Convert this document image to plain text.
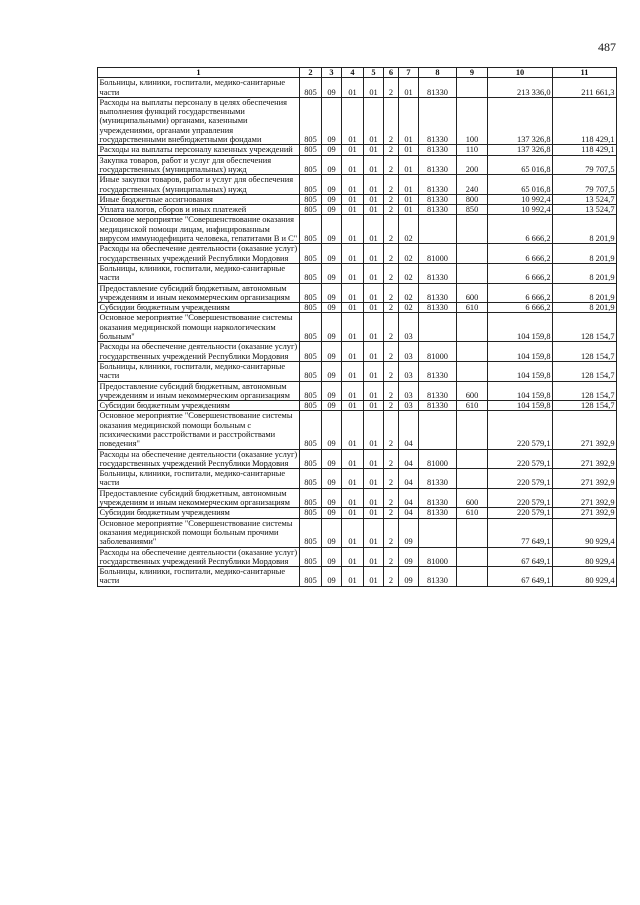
487
1	2	3	4	5	6	7	8	9	10	11
Больницы, клиники, госпитали, медико-санитарные части	805	09	01	01	2	01	81330		213 336,0	211 661,3
Расходы на выплаты персоналу в целях обеспечения выполнения функций государственными (муниципальными) органами, казенными учреждениями, органами управления государственными внебюджетными фондами	805	09	01	01	2	01	81330	100	137 326,8	118 429,1
Расходы на выплаты персоналу казенных учреждений	805	09	01	01	2	01	81330	110	137 326,8	118 429,1
Закупка товаров, работ и услуг для обеспечения государственных (муниципальных) нужд	805	09	01	01	2	01	81330	200	65 016,8	79 707,5
Иные закупки товаров, работ и услуг для обеспечения государственных (муниципальных) нужд	805	09	01	01	2	01	81330	240	65 016,8	79 707,5
Иные бюджетные ассигнования	805	09	01	01	2	01	81330	800	10 992,4	13 524,7
Уплата налогов, сборов и иных платежей	805	09	01	01	2	01	81330	850	10 992,4	13 524,7
Основное мероприятие "Совершенствование оказания медицинской помощи лицам, инфицированным вирусом иммунодефицита человека, гепатитами В и С"	805	09	01	01	2	02			6 666,2	8 201,9
Расходы на обеспечение деятельности (оказание услуг) государственных учреждений Республики Мордовия	805	09	01	01	2	02	81000		6 666,2	8 201,9
Больницы, клиники, госпитали, медико-санитарные части	805	09	01	01	2	02	81330		6 666,2	8 201,9
Предоставление субсидий бюджетным, автономным учреждениям и иным некоммерческим организациям	805	09	01	01	2	02	81330	600	6 666,2	8 201,9
Субсидии бюджетным учреждениям	805	09	01	01	2	02	81330	610	6 666,2	8 201,9
Основное мероприятие "Совершенствование системы оказания медицинской помощи наркологическим больным"	805	09	01	01	2	03			104 159,8	128 154,7
Расходы на обеспечение деятельности (оказание услуг) государственных учреждений Республики Мордовия	805	09	01	01	2	03	81000		104 159,8	128 154,7
Больницы, клиники, госпитали, медико-санитарные части	805	09	01	01	2	03	81330		104 159,8	128 154,7
Предоставление субсидий бюджетным, автономным учреждениям и иным некоммерческим организациям	805	09	01	01	2	03	81330	600	104 159,8	128 154,7
Субсидии бюджетным учреждениям	805	09	01	01	2	03	81330	610	104 159,8	128 154,7
Основное мероприятие "Совершенствование системы оказания медицинской помощи больным с психическими расстройствами и расстройствами поведения"	805	09	01	01	2	04			220 579,1	271 392,9
Расходы на обеспечение деятельности (оказание услуг) государственных учреждений Республики Мордовия	805	09	01	01	2	04	81000		220 579,1	271 392,9
Больницы, клиники, госпитали, медико-санитарные части	805	09	01	01	2	04	81330		220 579,1	271 392,9
Предоставление субсидий бюджетным, автономным учреждениям и иным некоммерческим организациям	805	09	01	01	2	04	81330	600	220 579,1	271 392,9
Субсидии бюджетным учреждениям	805	09	01	01	2	04	81330	610	220 579,1	271 392,9
Основное мероприятие "Совершенствование системы оказания медицинской помощи больным прочими заболеваниями"	805	09	01	01	2	09			77 649,1	90 929,4
Расходы на обеспечение деятельности (оказание услуг) государственных учреждений Республики Мордовия	805	09	01	01	2	09	81000		67 649,1	80 929,4
Больницы, клиники, госпитали, медико-санитарные части	805	09	01	01	2	09	81330		67 649,1	80 929,4
